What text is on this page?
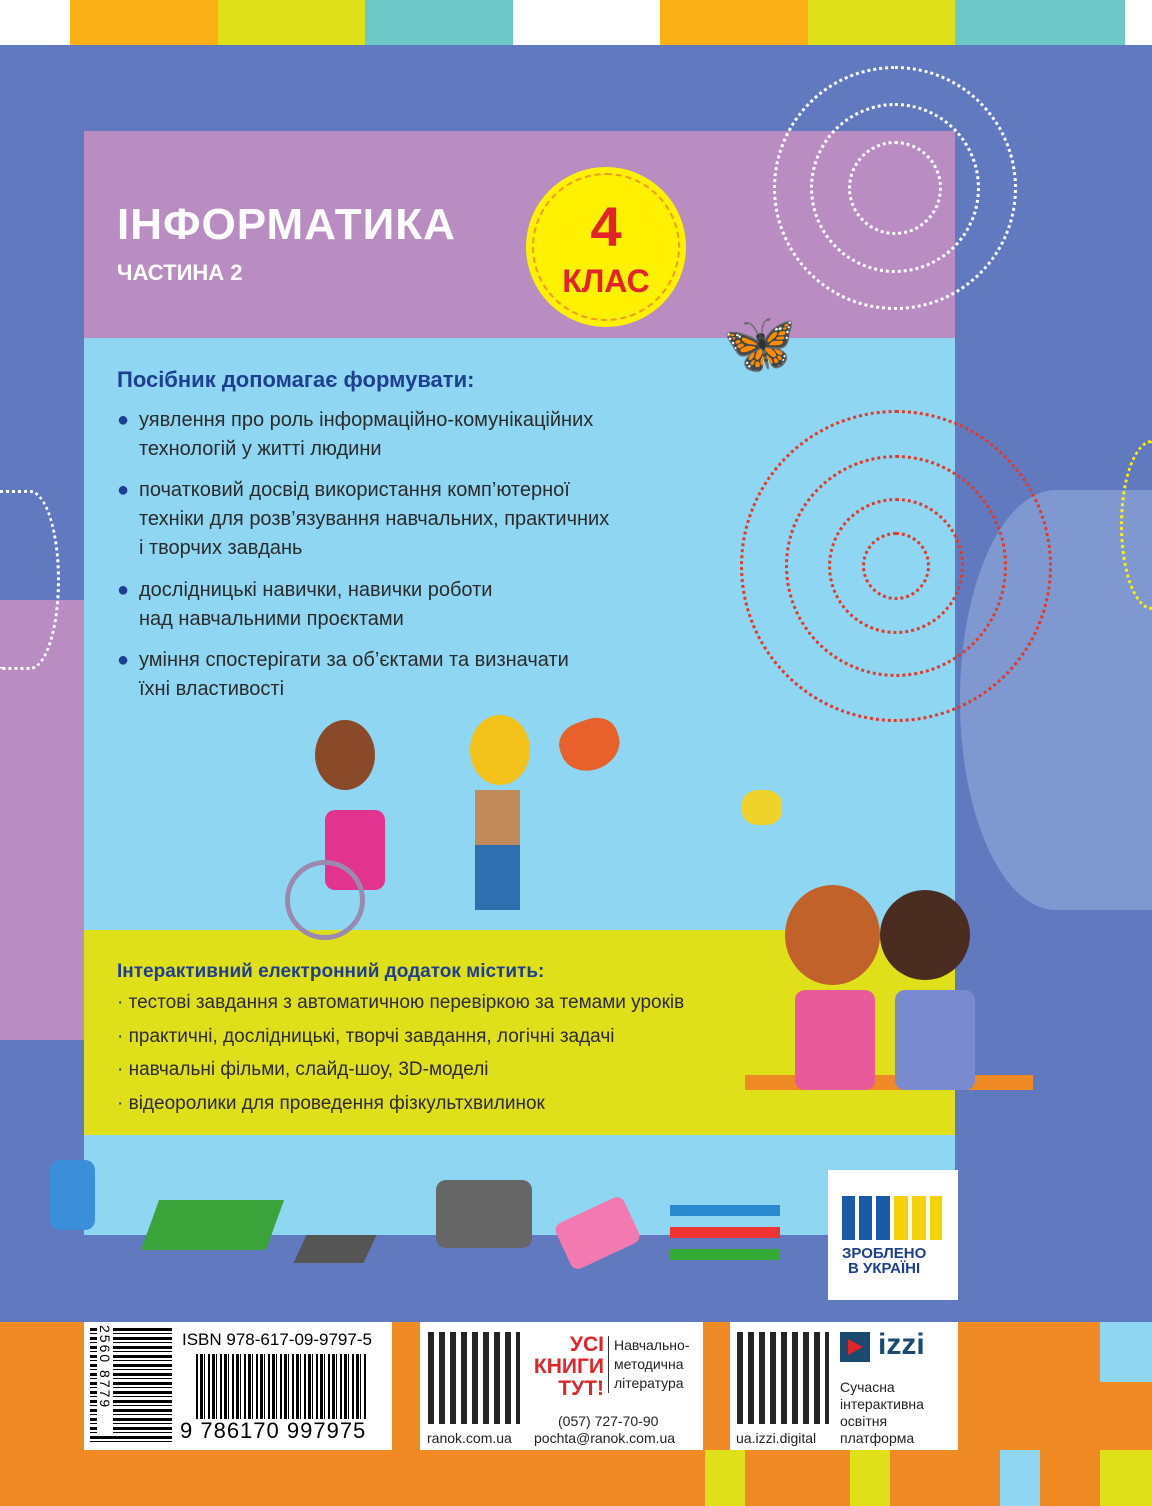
ІНФОРМАТИКА
ЧАСТИНА 2
4
КЛАС
🦋
Посібник допомагає формувати:
● уявлення про роль інформаційно-комунікаційних
технологій у житті людини
● початковий досвід використання комп’ютерної
техніки для розв’язування навчальних, практичних
і творчих завдань
● дослідницькі навички, навички роботи
над навчальними проєктами
● уміння спостерігати за об’єктами та визначати
їхні властивості
Інтерактивний електронний додаток містить:
· тестові завдання з автоматичною перевіркою за темами уроків
· практичні, дослідницькі, творчі завдання, логічні задачі
· навчальні фільми, слайд-шоу, 3D-моделі
· відеоролики для проведення фізкультхвилинок
ЗРОБЛЕНО
В УКРАЇНІ
2560 8779	ISBN 978-617-09-9797-5
9 786170 997975
УСІ
КНИГИ
ТУТ!
Навчально-
методична
література
(057) 727-70-90
ranok.com.ua pochta@ranok.com.ua
izzi
Сучасна
інтерактивна
освітня
платформа
ua.izzi.digital
